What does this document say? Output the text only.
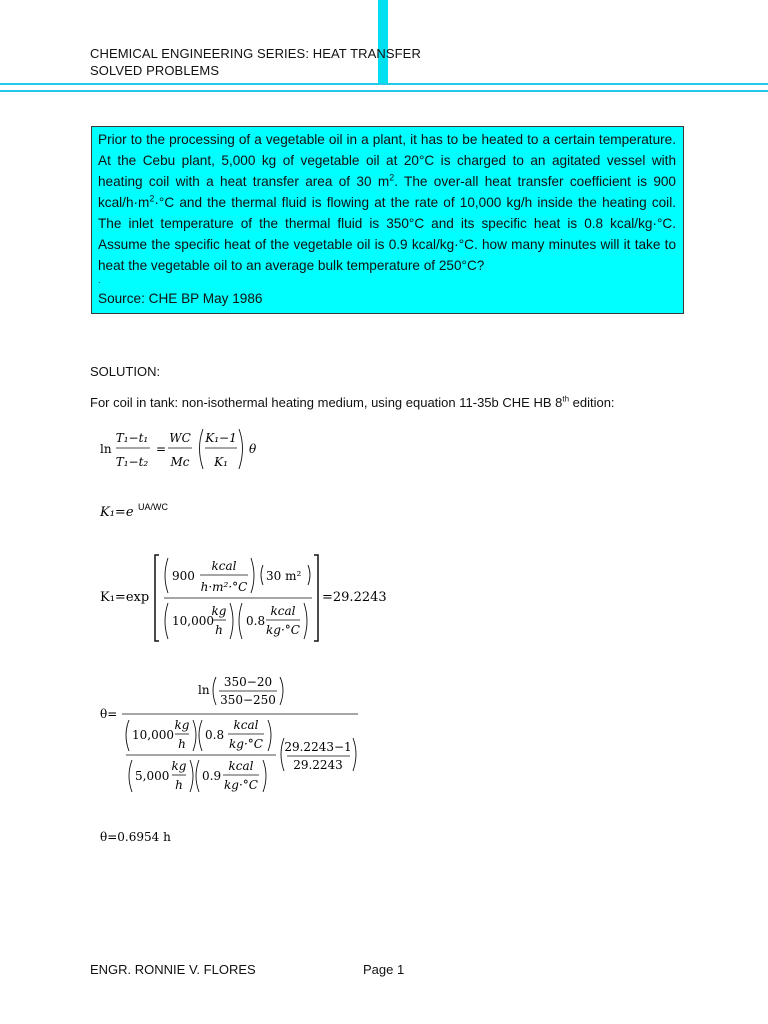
CHEMICAL ENGINEERING SERIES: HEAT TRANSFER
SOLVED PROBLEMS
Prior to the processing of a vegetable oil in a plant, it has to be heated to a certain temperature. At the Cebu plant, 5,000 kg of vegetable oil at 20°C is charged to an agitated vessel with heating coil with a heat transfer area of 30 $m^2$. The over-all heat transfer coefficient is 900 kcal/$h\cdot m^2\cdot^\circ C$ and the thermal fluid is flowing at the rate of 10,000 kg/h inside the heating coil. The inlet temperature of the thermal fluid is 350°C and its specific heat is 0.8 kcal/kg·°C. Assume the specific heat of the vegetable oil is 0.9 kcal/kg·°C. how many minutes will it take to heat the vegetable oil to an average bulk temperature of 250°C?
.
Source: CHE BP May 1986
SOLUTION:
For coil in tank: non-isothermal heating medium, using equation 11-35b CHE HB 8th edition:
ln
T₁−t₁
T₁−t₂
=
WC
Mc
K₁−1
K₁
θ
K₁=e UA/WC
K₁=exp
900
kcal
h·m²·°C
30 m²
10,000
kg
h
0.8
kcal
kg·°C
=29.2243
θ=
ln
350−20
350−250
10,000
kg
h
0.8
kcal
kg·°C
5,000
kg
h
0.9
kcal
kg·°C
29.2243−1
29.2243
θ=0.6954 h
ENGR. RONNIE V. FLORES	Page 1
